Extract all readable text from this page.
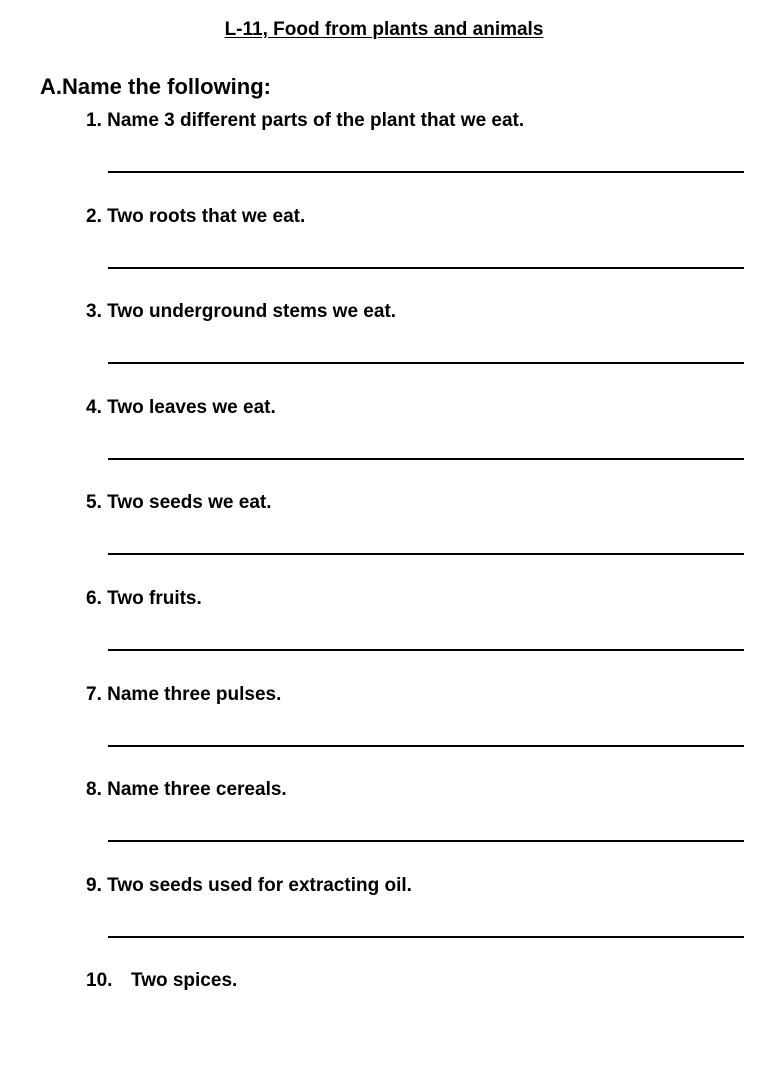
L-11, Food from plants and animals
A.Name the following:
1. Name 3 different parts of the plant that we eat.
2. Two roots that we eat.
3. Two underground stems we eat.
4. Two leaves we eat.
5. Two seeds we eat.
6. Two fruits.
7. Name three pulses.
8. Name three cereals.
9. Two seeds used for extracting oil.
10. Two spices.
